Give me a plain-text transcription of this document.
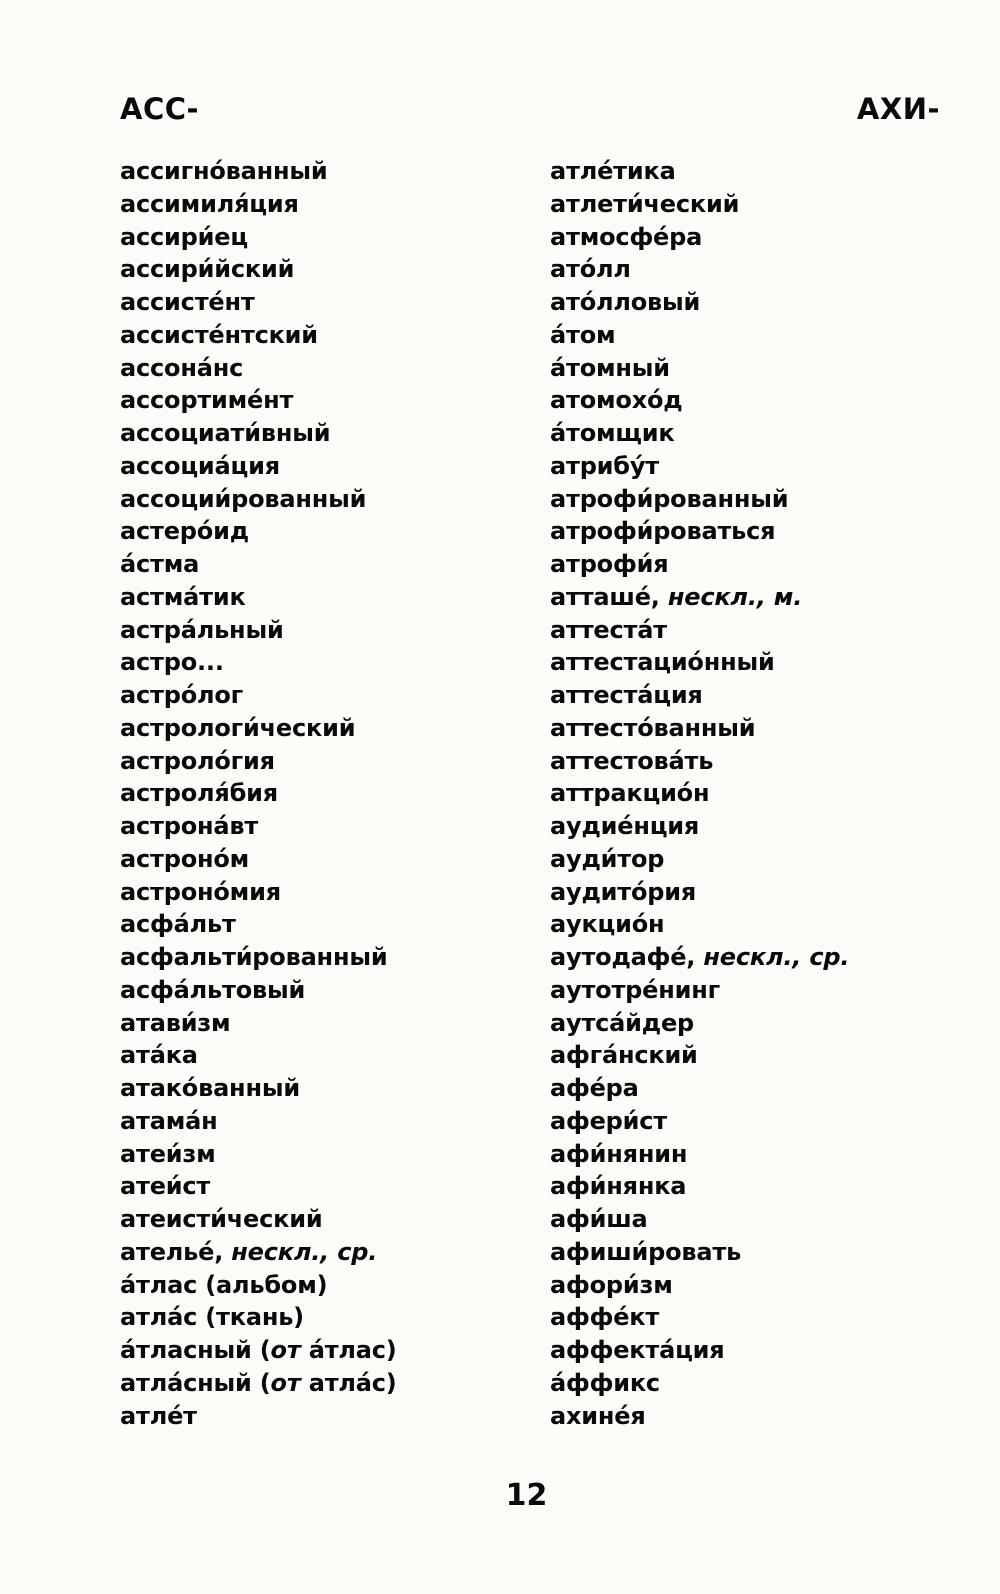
АСС-	АХИ-
ассигно́ванный
ассимиля́ция
ассири́ец
ассири́йский
ассисте́нт
ассисте́нтский
ассона́нс
ассортиме́нт
ассоциати́вный
ассоциа́ция
ассоции́рованный
астеро́ид
а́стма
астма́тик
астра́льный
астро...
астро́лог
астрологи́ческий
астроло́гия
астроля́бия
астрона́вт
астроно́м
астроно́мия
асфа́льт
асфальти́рованный
асфа́льтовый
атави́зм
ата́ка
атако́ванный
атама́н
атеи́зм
атеи́ст
атеисти́ческий
ателье́, нескл., ср.
а́тлас (альбом)
атла́с (ткань)
а́тласный (от а́тлас)
атла́сный (от атла́с)
атле́т
атле́тика
атлети́ческий
атмосфе́ра
ато́лл
ато́лловый
а́том
а́томный
атомохо́д
а́томщик
атрибу́т
атрофи́рованный
атрофи́роваться
атрофи́я
атташе́, нескл., м.
аттеста́т
аттестацио́нный
аттеста́ция
аттесто́ванный
аттестова́ть
аттракцио́н
аудие́нция
ауди́тор
аудито́рия
аукцио́н
аутодафе́, нескл., ср.
аутотре́нинг
аутса́йдер
афга́нский
афе́ра
афери́ст
афи́нянин
афи́нянка
афи́ша
афиши́ровать
афори́зм
аффе́кт
аффекта́ция
а́ффикс
ахине́я
12
